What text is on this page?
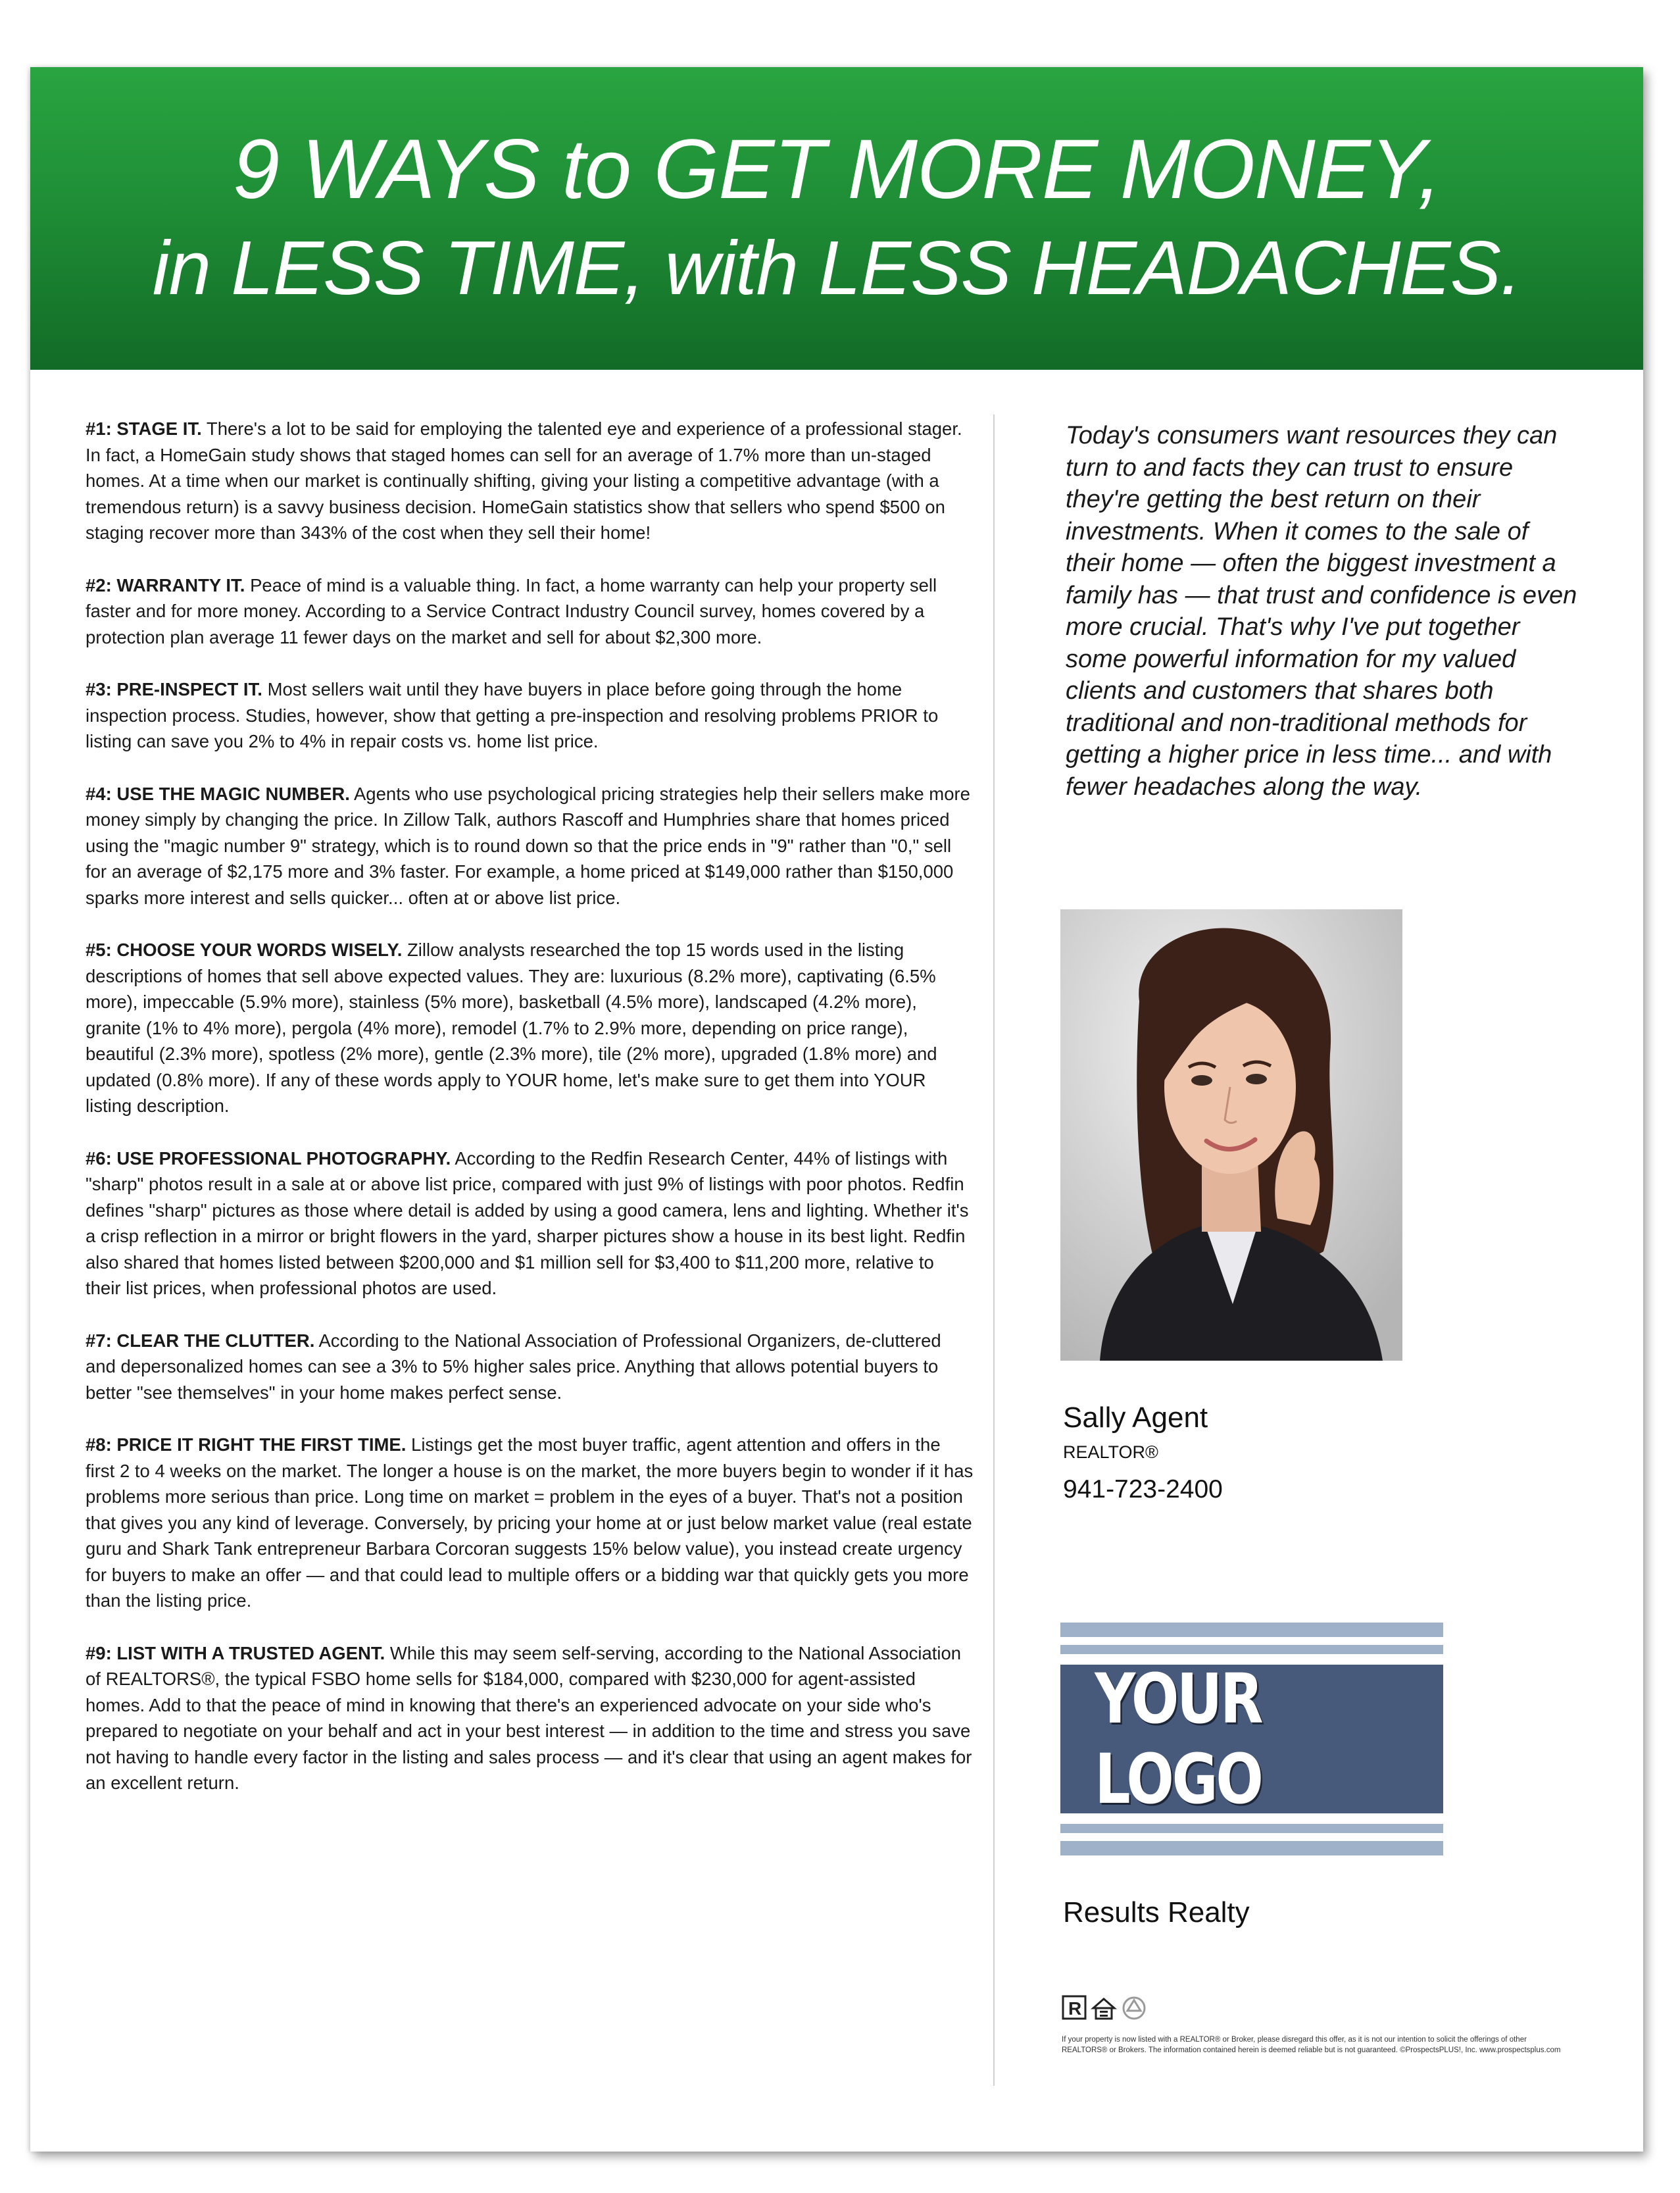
9 WAYS to GET MORE MONEY,
in LESS TIME, with LESS HEADACHES.

#1: STAGE IT. There's a lot to be said for employing the talented eye and experience of a professional stager. In fact, a HomeGain study shows that staged homes can sell for an average of 1.7% more than un-staged homes. At a time when our market is continually shifting, giving your listing a competitive advantage (with a tremendous return) is a savvy business decision. HomeGain statistics show that sellers who spend $500 on staging recover more than 343% of the cost when they sell their home!

#2: WARRANTY IT. Peace of mind is a valuable thing. In fact, a home warranty can help your property sell faster and for more money. According to a Service Contract Industry Council survey, homes covered by a protection plan average 11 fewer days on the market and sell for about $2,300 more.

#3: PRE-INSPECT IT. Most sellers wait until they have buyers in place before going through the home inspection process. Studies, however, show that getting a pre-inspection and resolving problems PRIOR to listing can save you 2% to 4% in repair costs vs. home list price.

#4: USE THE MAGIC NUMBER. Agents who use psychological pricing strategies help their sellers make more money simply by changing the price. In Zillow Talk, authors Rascoff and Humphries share that homes priced using the "magic number 9" strategy, which is to round down so that the price ends in "9" rather than "0," sell for an average of $2,175 more and 3% faster. For example, a home priced at $149,000 rather than $150,000 sparks more interest and sells quicker... often at or above list price.

#5: CHOOSE YOUR WORDS WISELY. Zillow analysts researched the top 15 words used in the listing descriptions of homes that sell above expected values. They are: luxurious (8.2% more), captivating (6.5% more), impeccable (5.9% more), stainless (5% more), basketball (4.5% more), landscaped (4.2% more), granite (1% to 4% more), pergola (4% more), remodel (1.7% to 2.9% more, depending on price range), beautiful (2.3% more), spotless (2% more), gentle (2.3% more), tile (2% more), upgraded (1.8% more) and updated (0.8% more). If any of these words apply to YOUR home, let's make sure to get them into YOUR listing description.

#6: USE PROFESSIONAL PHOTOGRAPHY. According to the Redfin Research Center, 44% of listings with "sharp" photos result in a sale at or above list price, compared with just 9% of listings with poor photos. Redfin defines "sharp" pictures as those where detail is added by using a good camera, lens and lighting. Whether it's a crisp reflection in a mirror or bright flowers in the yard, sharper pictures show a house in its best light. Redfin also shared that homes listed between $200,000 and $1 million sell for $3,400 to $11,200 more, relative to their list prices, when professional photos are used.

#7: CLEAR THE CLUTTER. According to the National Association of Professional Organizers, de-cluttered and depersonalized homes can see a 3% to 5% higher sales price. Anything that allows potential buyers to better "see themselves" in your home makes perfect sense.

#8: PRICE IT RIGHT THE FIRST TIME. Listings get the most buyer traffic, agent attention and offers in the first 2 to 4 weeks on the market. The longer a house is on the market, the more buyers begin to wonder if it has problems more serious than price. Long time on market = problem in the eyes of a buyer. That's not a position that gives you any kind of leverage. Conversely, by pricing your home at or just below market value (real estate guru and Shark Tank entrepreneur Barbara Corcoran suggests 15% below value), you instead create urgency for buyers to make an offer — and that could lead to multiple offers or a bidding war that quickly gets you more than the listing price.

#9: LIST WITH A TRUSTED AGENT. While this may seem self-serving, according to the National Association of REALTORS®, the typical FSBO home sells for $184,000, compared with $230,000 for agent-assisted homes. Add to that the peace of mind in knowing that there's an experienced advocate on your side who's prepared to negotiate on your behalf and act in your best interest — in addition to the time and stress you save not having to handle every factor in the listing and sales process — and it's clear that using an agent makes for an excellent return.

Today's consumers want resources they can turn to and facts they can trust to ensure they're getting the best return on their investments. When it comes to the sale of their home — often the biggest investment a family has — that trust and confidence is even more crucial. That's why I've put together some powerful information for my valued clients and customers that shares both traditional and non-traditional methods for getting a higher price in less time... and with fewer headaches along the way.
Sally Agent
REALTOR®
941-723-2400
YOUR LOGO
Results Realty
R
If your property is now listed with a REALTOR® or Broker, please disregard this offer, as it is not our intention to solicit the offerings of other REALTORS® or Brokers. The information contained herein is deemed reliable but is not guaranteed. ©ProspectsPLUS!, Inc. www.prospectsplus.com
